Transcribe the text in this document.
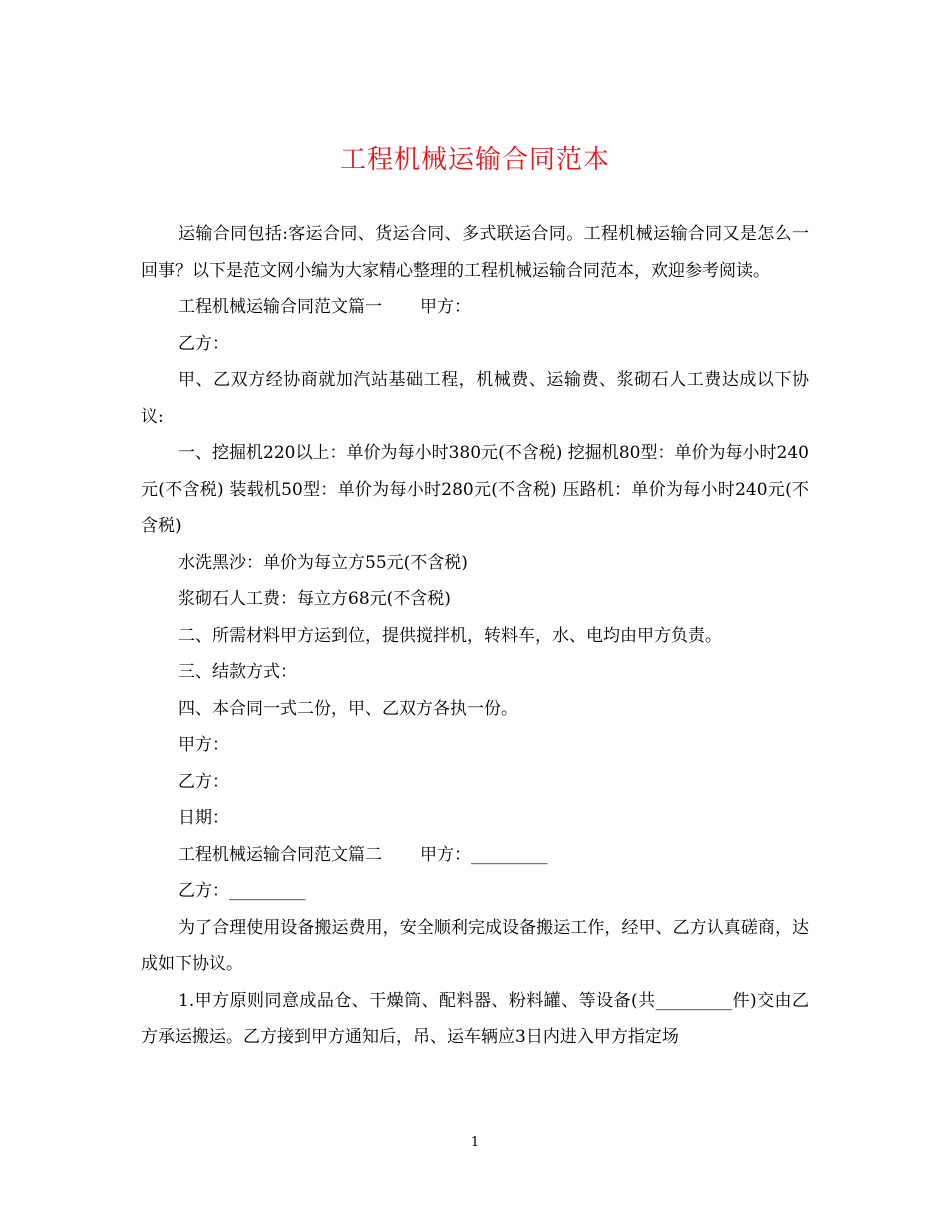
工程机械运输合同范本

运输合同包括:客运合同、货运合同、多式联运合同。工程机械运输合同又是怎么一回事？以下是范文网小编为大家精心整理的工程机械运输合同范本，欢迎参考阅读。

工程机械运输合同范文篇一 甲方：

乙方：

甲、乙双方经协商就加汽站基础工程，机械费、运输费、浆砌石人工费达成以下协议:

一、挖掘机220以上：单价为每小时380元(不含税) 挖掘机80型：单价为每小时240元(不含税) 装载机50型：单价为每小时280元(不含税) 压路机：单价为每小时240元(不含税)

水洗黑沙：单价为每立方55元(不含税)

浆砌石人工费：每立方68元(不含税)

二、所需材料甲方运到位，提供搅拌机，转料车，水、电均由甲方负责。

三、结款方式：

四、本合同一式二份，甲、乙双方各执一份。

甲方：

乙方：

日期：

工程机械运输合同范文篇二 甲方：_________

乙方：_________

为了合理使用设备搬运费用，安全顺利完成设备搬运工作，经甲、乙方认真磋商，达成如下协议。

1.甲方原则同意成品仓、干燥筒、配料器、粉料罐、等设备(共_________件)交由乙方承运搬运。乙方接到甲方通知后，吊、运车辆应3日内进入甲方指定场

1
